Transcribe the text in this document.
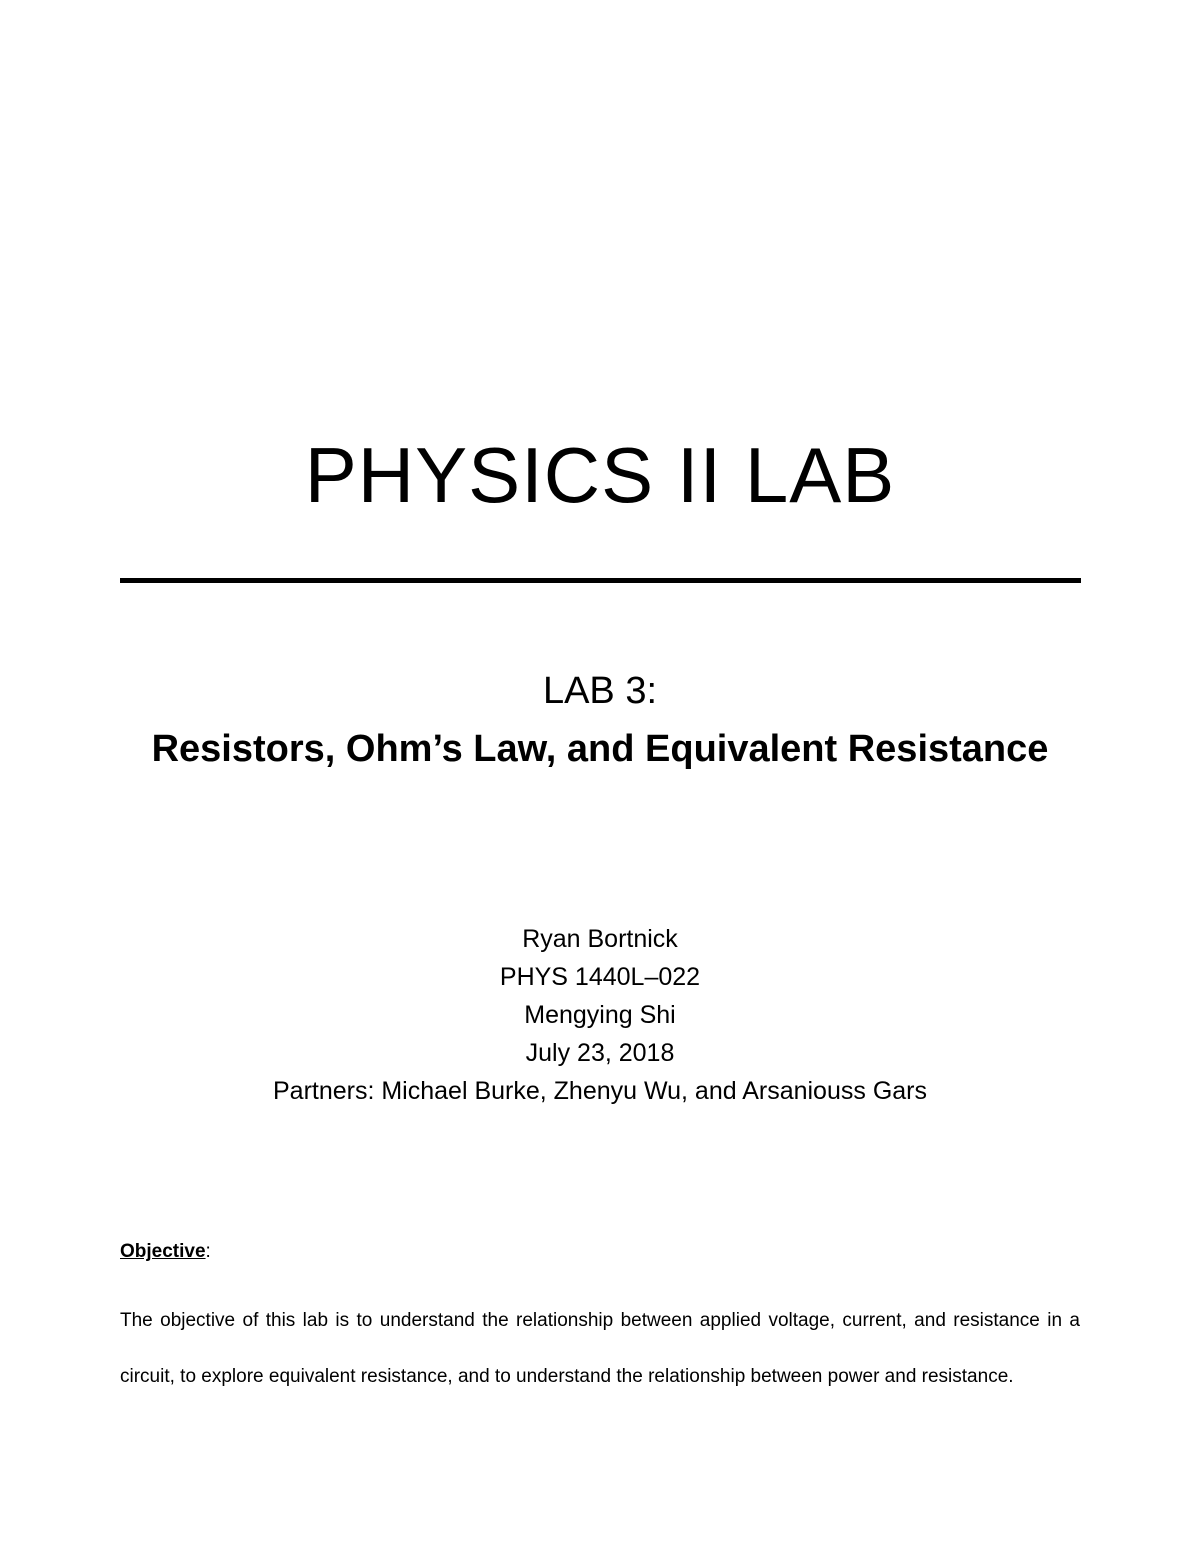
PHYSICS II LAB
LAB 3:
Resistors, Ohm’s Law, and Equivalent Resistance
Ryan Bortnick
PHYS 1440L–022
Mengying Shi
July 23, 2018
Partners: Michael Burke, Zhenyu Wu, and Arsaniouss Gars
Objective:
The objective of this lab is to understand the relationship between applied voltage, current, and resistance in a circuit, to explore equivalent resistance, and to understand the relationship between power and resistance.
